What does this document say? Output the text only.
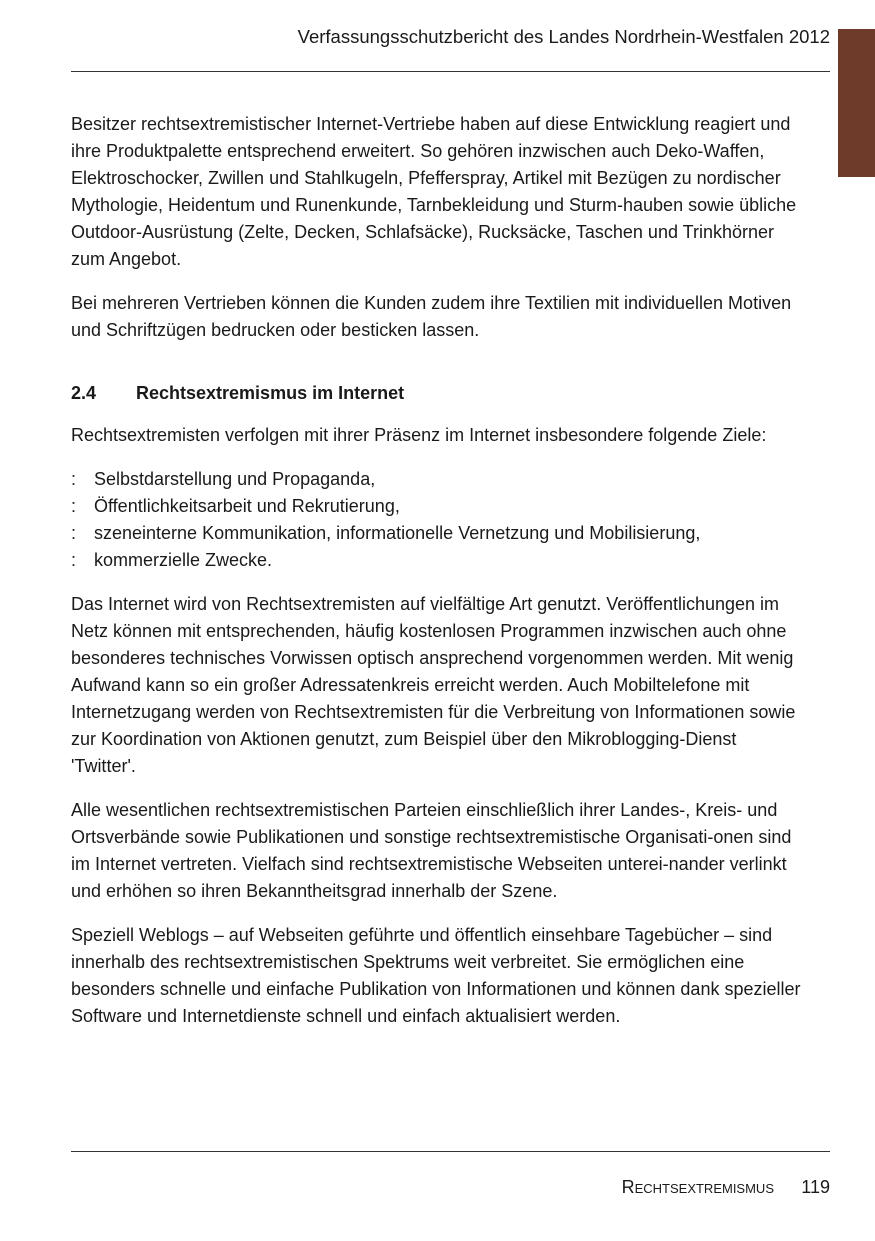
Verfassungsschutzbericht des Landes Nordrhein-Westfalen 2012

Besitzer rechtsextremistischer Internet-Vertriebe haben auf diese Entwicklung reagiert und ihre Produktpalette entsprechend erweitert. So gehören inzwischen auch Deko-Waffen, Elektroschocker, Zwillen und Stahlkugeln, Pfefferspray, Artikel mit Bezügen zu nordischer Mythologie, Heidentum und Runenkunde, Tarnbekleidung und Sturm-hauben sowie übliche Outdoor-Ausrüstung (Zelte, Decken, Schlafsäcke), Rucksäcke, Taschen und Trinkhörner zum Angebot.

Bei mehreren Vertrieben können die Kunden zudem ihre Textilien mit individuellen Motiven und Schriftzügen bedrucken oder besticken lassen.

2.4	Rechtsextremismus im Internet

Rechtsextremisten verfolgen mit ihrer Präsenz im Internet insbesondere folgende Ziele:

: Selbstdarstellung und Propaganda,
: Öffentlichkeitsarbeit und Rekrutierung,
: szeneinterne Kommunikation, informationelle Vernetzung und Mobilisierung,
: kommerzielle Zwecke.

Das Internet wird von Rechtsextremisten auf vielfältige Art genutzt. Veröffentlichungen im Netz können mit entsprechenden, häufig kostenlosen Programmen inzwischen auch ohne besonderes technisches Vorwissen optisch ansprechend vorgenommen werden. Mit wenig Aufwand kann so ein großer Adressatenkreis erreicht werden. Auch Mobiltelefone mit Internetzugang werden von Rechtsextremisten für die Verbreitung von Informationen sowie zur Koordination von Aktionen genutzt, zum Beispiel über den Mikroblogging-Dienst 'Twitter'.

Alle wesentlichen rechtsextremistischen Parteien einschließlich ihrer Landes-, Kreis- und Ortsverbände sowie Publikationen und sonstige rechtsextremistische Organisati-onen sind im Internet vertreten. Vielfach sind rechtsextremistische Webseiten unterei-nander verlinkt und erhöhen so ihren Bekanntheitsgrad innerhalb der Szene.

Speziell Weblogs – auf Webseiten geführte und öffentlich einsehbare Tagebücher – sind innerhalb des rechtsextremistischen Spektrums weit verbreitet. Sie ermöglichen eine besonders schnelle und einfache Publikation von Informationen und können dank spezieller Software und Internetdienste schnell und einfach aktualisiert werden.

Rechtsextremismus 119
